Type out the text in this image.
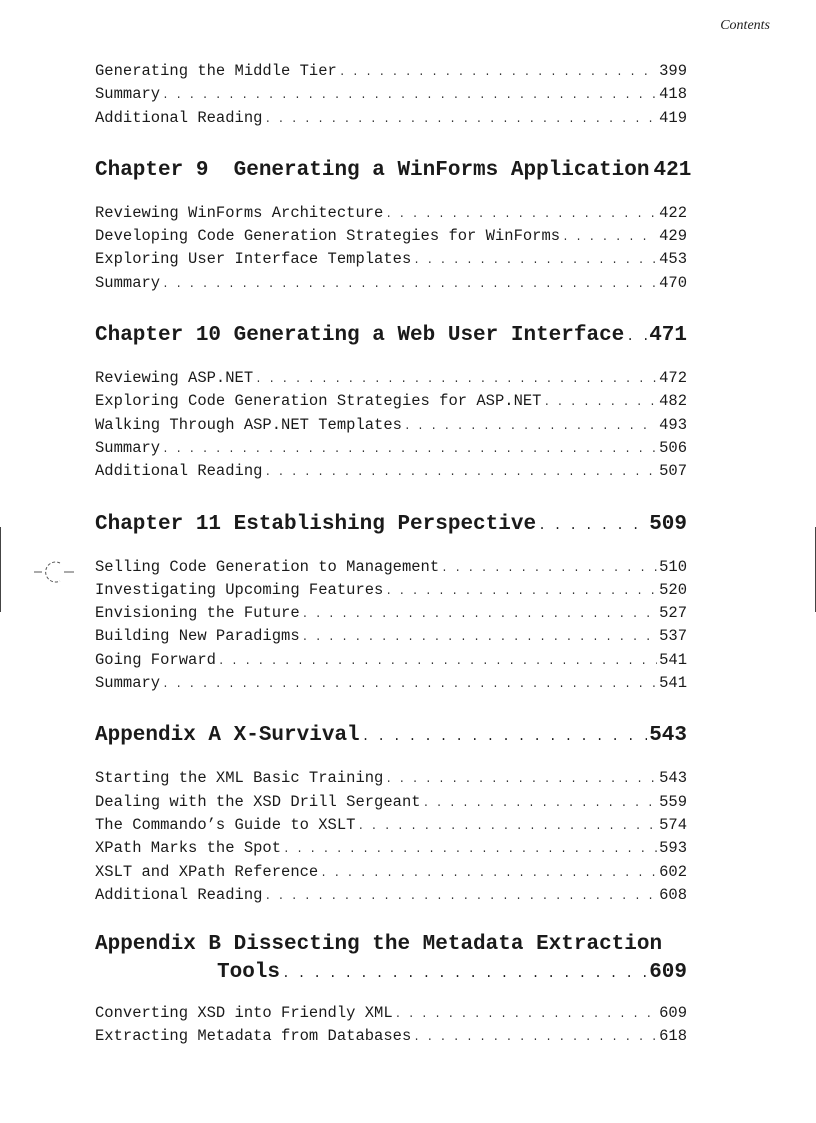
Contents
Generating the Middle Tier . . .	399
Summary . . .	418
Additional Reading . . .	419
Chapter 9  Generating a WinForms Application 421
Reviewing WinForms Architecture . . .	422
Developing Code Generation Strategies for WinForms . . .	429
Exploring User Interface Templates . . .	453
Summary . . .	470
Chapter 10 Generating a Web User Interface . . . 471
Reviewing ASP.NET . . .	472
Exploring Code Generation Strategies for ASP.NET . . .	482
Walking Through ASP.NET Templates . . .	493
Summary . . .	506
Additional Reading . . .	507
Chapter 11 Establishing Perspective . . .	509
Selling Code Generation to Management . . .	510
Investigating Upcoming Features . . .	520
Envisioning the Future . . .	527
Building New Paradigms . . .	537
Going Forward . . .	541
Summary . . .	541
Appendix A X-Survival . . .	543
Starting the XML Basic Training . . .	543
Dealing with the XSD Drill Sergeant . . .	559
The Commando’s Guide to XSLT . . .	574
XPath Marks the Spot . . .	593
XSLT and XPath Reference . . .	602
Additional Reading . . .	608
Appendix B Dissecting the Metadata Extraction
Tools . . .	609
Converting XSD into Friendly XML . . .	609
Extracting Metadata from Databases . . .	618
